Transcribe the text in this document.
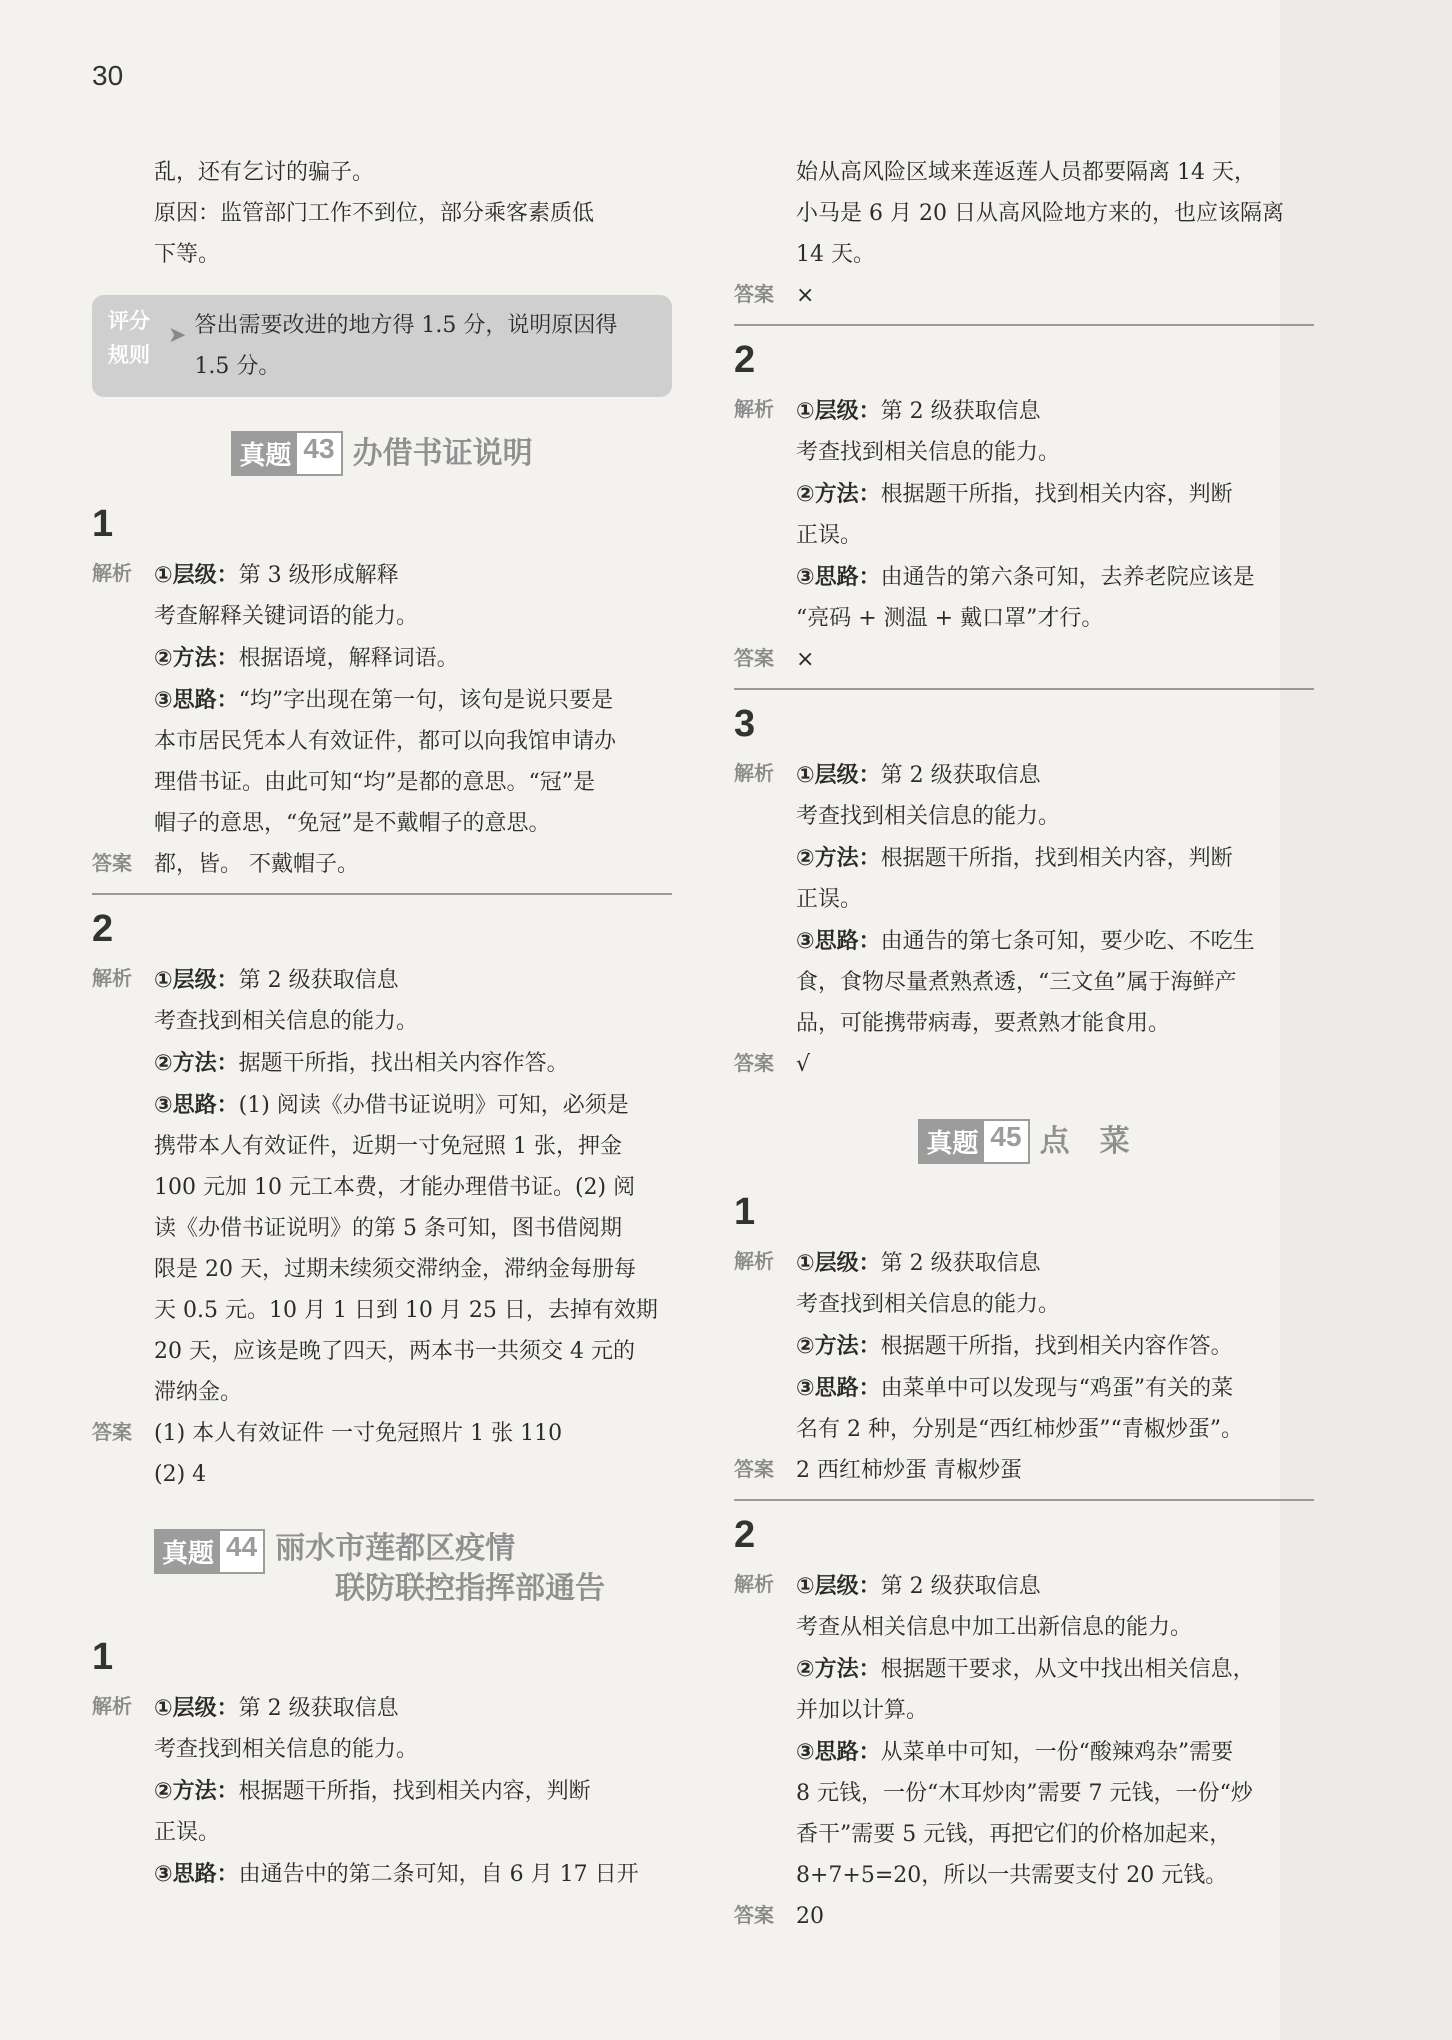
30

乱，还有乞讨的骗子。

原因：监管部门工作不到位，部分乘客素质低

下等。

评分
规则
➤ 答出需要改进的地方得 1.5 分，说明原因得
1.5 分。
真题 43 办借书证说明
1
解析	①层级：第 3 级形成解释

考查解释关键词语的能力。

②方法：根据语境，解释词语。

③思路：“均”字出现在第一句，该句是说只要是

本市居民凭本人有效证件，都可以向我馆申请办

理借书证。由此可知“均”是都的意思。“冠”是

帽子的意思，“免冠”是不戴帽子的意思。

答案	都，皆。 不戴帽子。

2
解析	①层级：第 2 级获取信息

考查找到相关信息的能力。

②方法：据题干所指，找出相关内容作答。

③思路：(1) 阅读《办借书证说明》可知，必须是

携带本人有效证件，近期一寸免冠照 1 张，押金

100 元加 10 元工本费，才能办理借书证。(2) 阅

读《办借书证说明》的第 5 条可知，图书借阅期

限是 20 天，过期未续须交滞纳金，滞纳金每册每

天 0.5 元。10 月 1 日到 10 月 25 日，去掉有效期

20 天，应该是晚了四天，两本书一共须交 4 元的

滞纳金。

答案	(1) 本人有效证件 一寸免冠照片 1 张 110

(2) 4

真题 44 丽水市莲都区疫情
联防联控指挥部通告
1
解析	①层级：第 2 级获取信息

考查找到相关信息的能力。

②方法：根据题干所指，找到相关内容，判断

正误。

③思路：由通告中的第二条可知，自 6 月 17 日开

始从高风险区域来莲返莲人员都要隔离 14 天，

小马是 6 月 20 日从高风险地方来的，也应该隔离

14 天。

答案	×

2
解析	①层级：第 2 级获取信息

考查找到相关信息的能力。

②方法：根据题干所指，找到相关内容，判断

正误。

③思路：由通告的第六条可知，去养老院应该是

“亮码 + 测温 + 戴口罩”才行。

答案	×

3
解析	①层级：第 2 级获取信息

考查找到相关信息的能力。

②方法：根据题干所指，找到相关内容，判断

正误。

③思路：由通告的第七条可知，要少吃、不吃生

食，食物尽量煮熟煮透，“三文鱼”属于海鲜产

品，可能携带病毒，要煮熟才能食用。

答案	√

真题 45 点　菜
1
解析	①层级：第 2 级获取信息

考查找到相关信息的能力。

②方法：根据题干所指，找到相关内容作答。

③思路：由菜单中可以发现与“鸡蛋”有关的菜

名有 2 种，分别是“西红柿炒蛋”“青椒炒蛋”。

答案	2 西红柿炒蛋 青椒炒蛋

2
解析	①层级：第 2 级获取信息

考查从相关信息中加工出新信息的能力。

②方法：根据题干要求，从文中找出相关信息，

并加以计算。

③思路：从菜单中可知，一份“酸辣鸡杂”需要

8 元钱，一份“木耳炒肉”需要 7 元钱，一份“炒

香干”需要 5 元钱，再把它们的价格加起来，

8+7+5=20，所以一共需要支付 20 元钱。

答案	20
